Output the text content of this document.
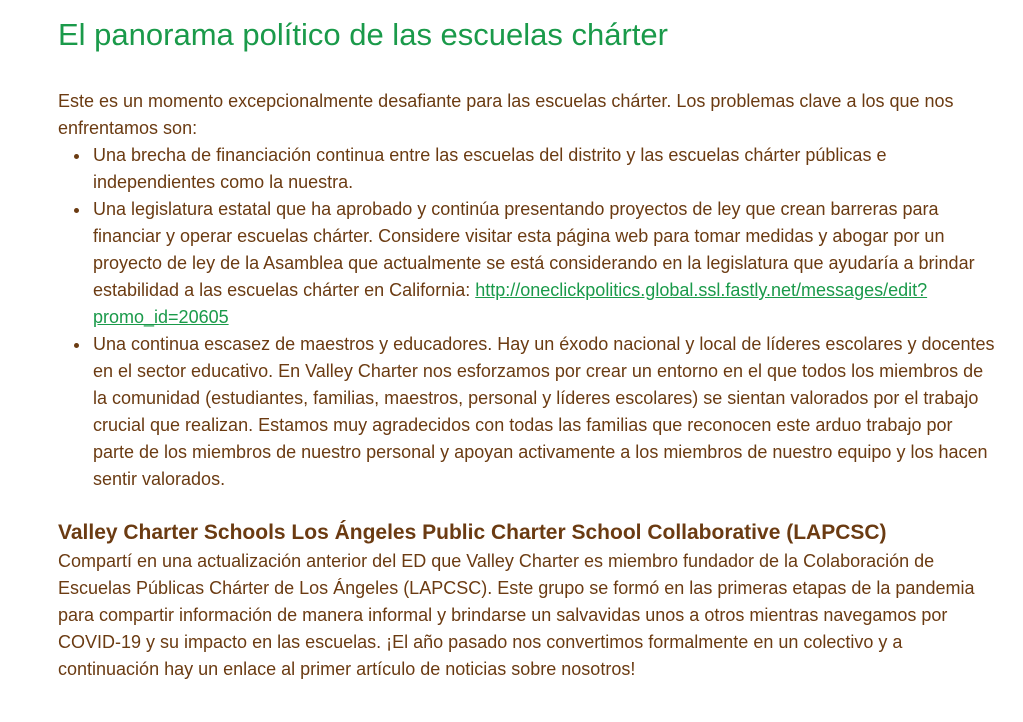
El panorama político de las escuelas chárter

Este es un momento excepcionalmente desafiante para las escuelas chárter. Los problemas clave a los que nos enfrentamos son:

• Una brecha de financiación continua entre las escuelas del distrito y las escuelas chárter públicas e independientes como la nuestra.
• Una legislatura estatal que ha aprobado y continúa presentando proyectos de ley que crean barreras para financiar y operar escuelas chárter. Considere visitar esta página web para tomar medidas y abogar por un proyecto de ley de la Asamblea que actualmente se está considerando en la legislatura que ayudaría a brindar estabilidad a las escuelas chárter en California: http://oneclickpolitics.global.ssl.fastly.net/messages/edit?promo_id=20605
• Una continua escasez de maestros y educadores. Hay un éxodo nacional y local de líderes escolares y docentes en el sector educativo. En Valley Charter nos esforzamos por crear un entorno en el que todos los miembros de la comunidad (estudiantes, familias, maestros, personal y líderes escolares) se sientan valorados por el trabajo crucial que realizan. Estamos muy agradecidos con todas las familias que reconocen este arduo trabajo por parte de los miembros de nuestro personal y apoyan activamente a los miembros de nuestro equipo y los hacen sentir valorados.
Valley Charter Schools Los Ángeles Public Charter School Collaborative (LAPCSC)

Compartí en una actualización anterior del ED que Valley Charter es miembro fundador de la Colaboración de Escuelas Públicas Chárter de Los Ángeles (LAPCSC). Este grupo se formó en las primeras etapas de la pandemia para compartir información de manera informal y brindarse un salvavidas unos a otros mientras navegamos por COVID-19 y su impacto en las escuelas. ¡El año pasado nos convertimos formalmente en un colectivo y a continuación hay un enlace al primer artículo de noticias sobre nosotros!
